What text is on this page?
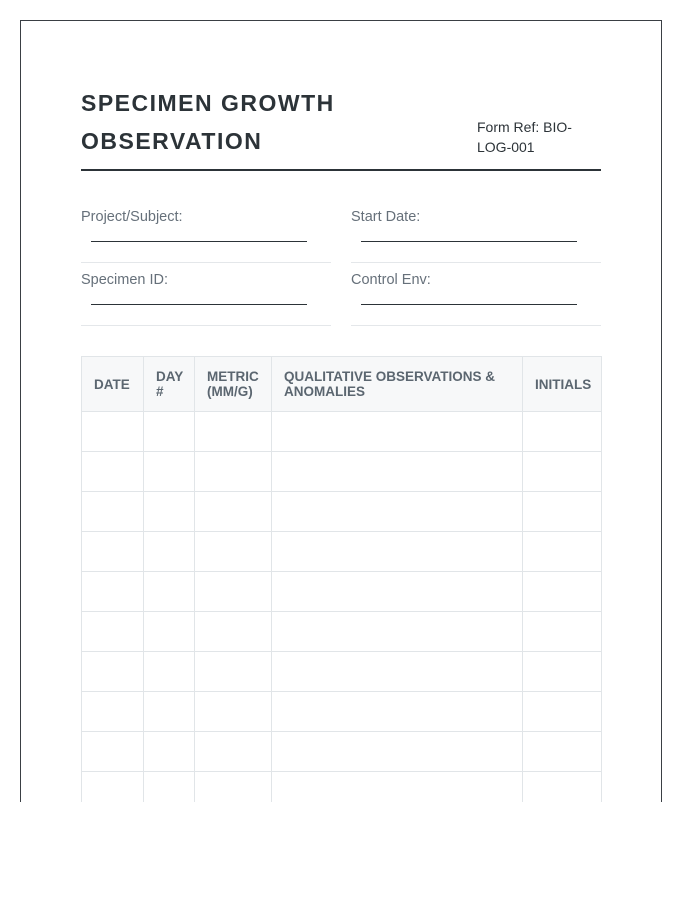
SPECIMEN GROWTH
OBSERVATION
Form Ref: BIO-LOG-001
Project/Subject:	Start Date:
Specimen ID:	Control Env:
DATE	DAY #	METRIC (MM/G)	QUALITATIVE OBSERVATIONS & ANOMALIES	INITIALS
